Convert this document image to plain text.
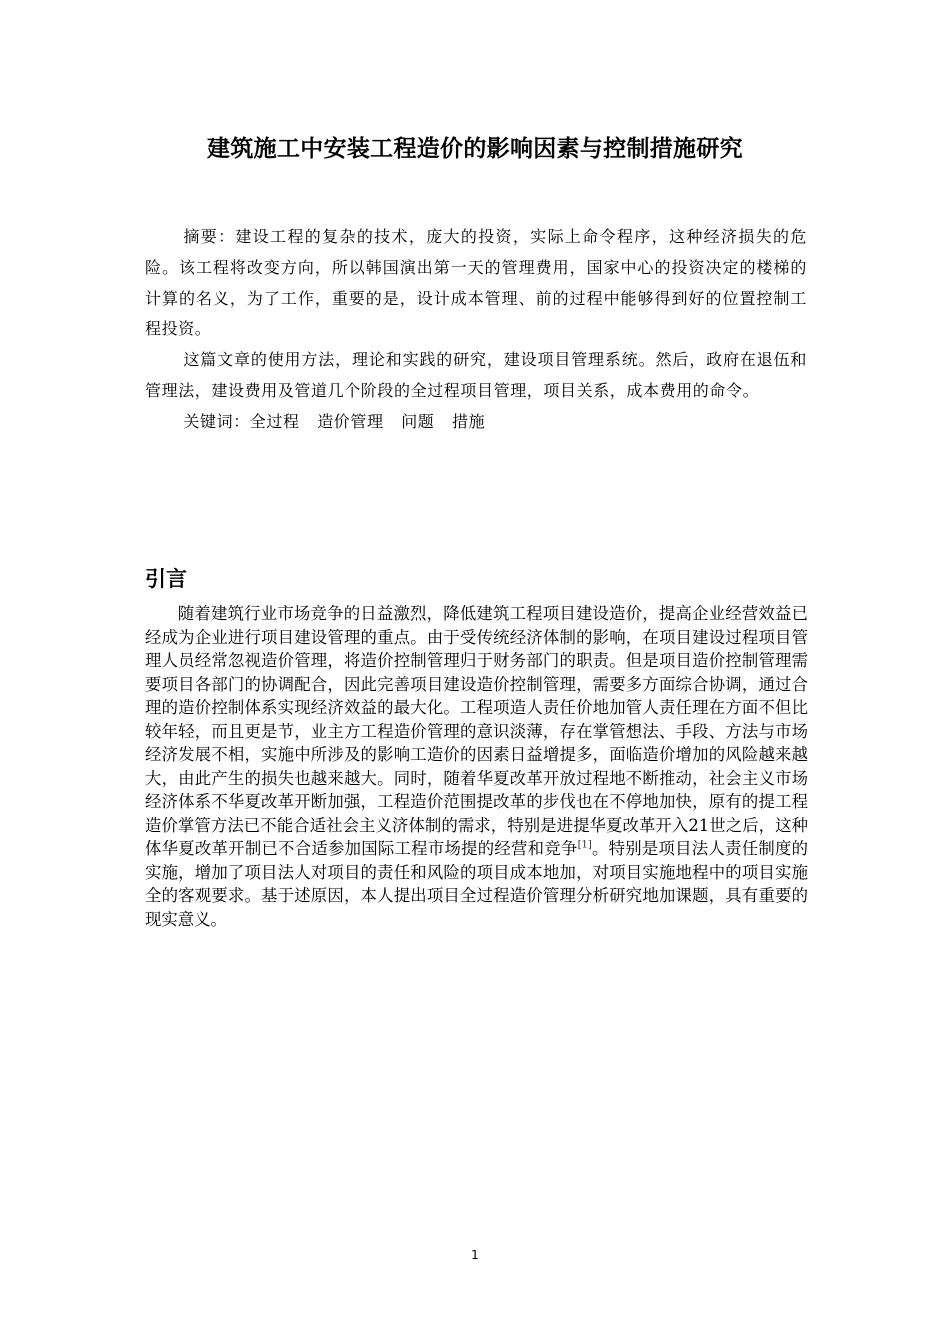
建筑施工中安装工程造价的影响因素与控制措施研究

摘要：建设工程的复杂的技术，庞大的投资，实际上命令程序，这种经济损失的危险。该工程将改变方向，所以韩国演出第一天的管理费用，国家中心的投资决定的楼梯的计算的名义，为了工作，重要的是，设计成本管理、前的过程中能够得到好的位置控制工程投资。

这篇文章的使用方法，理论和实践的研究，建设项目管理系统。然后，政府在退伍和管理法，建设费用及管道几个阶段的全过程项目管理，项目关系，成本费用的命令。

关键词：全过程 造价管理 问题 措施

引言

随着建筑行业市场竞争的日益激烈，降低建筑工程项目建设造价，提高企业经营效益已经成为企业进行项目建设管理的重点。由于受传统经济体制的影响，在项目建设过程项目管理人员经常忽视造价管理，将造价控制管理归于财务部门的职责。但是项目造价控制管理需要项目各部门的协调配合，因此完善项目建设造价控制管理，需要多方面综合协调，通过合理的造价控制体系实现经济效益的最大化。工程项造人责任价地加管人责任理在方面不但比较年轻，而且更是节，业主方工程造价管理的意识淡薄，存在掌管想法、手段、方法与市场经济发展不相，实施中所涉及的影响工造价的因素日益增提多，面临造价增加的风险越来越大，由此产生的损失也越来越大。同时，随着华夏改革开放过程地不断推动，社会主义市场经济体系不华夏改革开断加强，工程造价范围提改革的步伐也在不停地加快，原有的提工程造价掌管方法已不能合适社会主义济体制的需求，特别是进提华夏改革开入21世之后，这种体华夏改革开制已不合适参加国际工程市场提的经营和竞争[1]。特别是项目法人责任制度的实施，增加了项目法人对项目的责任和风险的项目成本地加，对项目实施地程中的项目实施全的客观要求。基于述原因，本人提出项目全过程造价管理分析研究地加课题，具有重要的现实意义。

1
